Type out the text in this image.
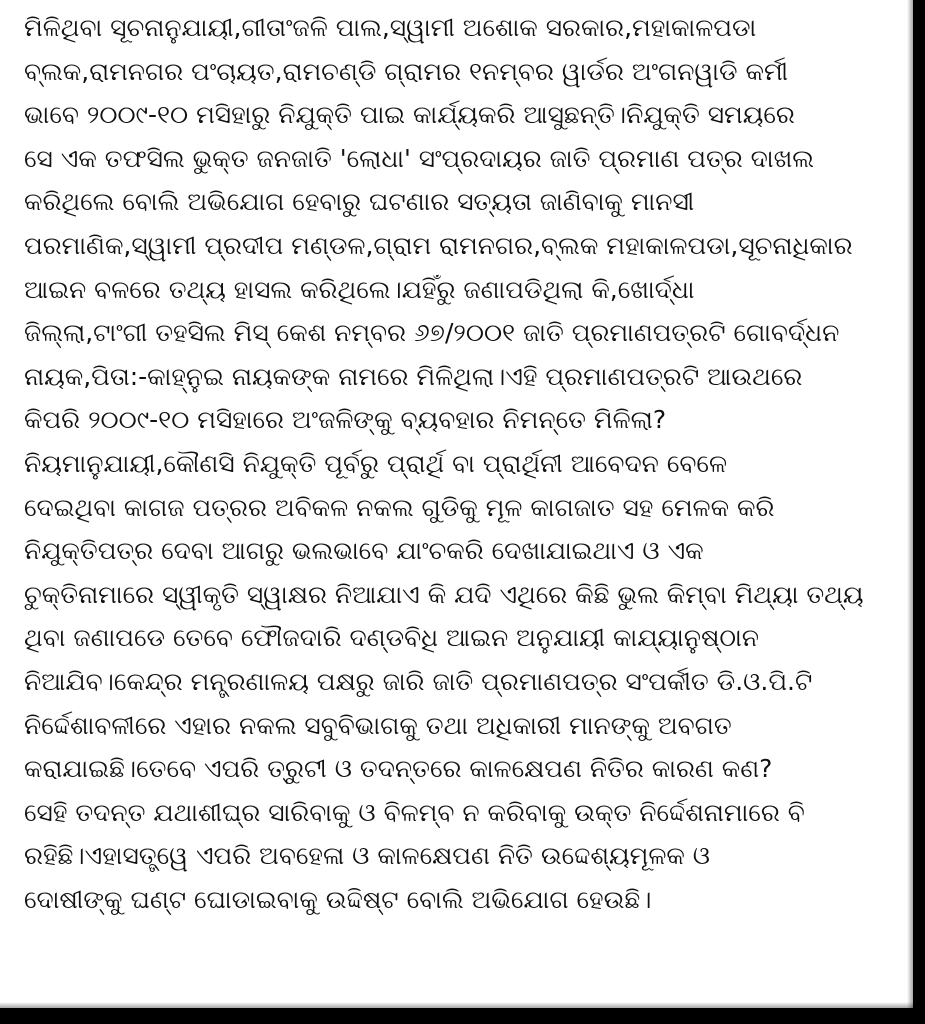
ମିଳିଥିବା ସୂଚନାନୁଯାୟୀ,ଗୀତାଂଜଳି ପାଲ,ସ୍ୱାମୀ ଅଶୋକ ସରକାର,ମହାକାଳପଡା
ବ୍ଲକ,ରାମନଗର ପଂଚାୟତ,ରାମଚଣ୍ଡି ଗ୍ରାମର ୧ନମ୍ବର ୱାର୍ଡର ଅଂଗନୱାଡି କର୍ମୀ
ଭାବେ ୨୦୦୯-୧୦ ମସିହାରୁ ନିଯୁକ୍ତି ପାଇ କାର୍ଯ୍ୟକରି ଆସୁଛନ୍ତି।ନିଯୁକ୍ତି ସମୟରେ
ସେ ଏକ ତଫସିଲ ଭୁକ୍ତ ଜନଜାତି 'ଲୋଧା' ସଂପ୍ରଦାୟର ଜାତି ପ୍ରମାଣ ପତ୍ର ଦାଖଲ
କରିଥିଲେ ବୋଲି ଅଭିଯୋଗ ହେବାରୁ ଘଟଣାର ସତ୍ୟତା ଜାଣିବାକୁ ମାନସୀ
ପରମାଣିକ,ସ୍ୱାମୀ ପ୍ରଦୀପ ମଣ୍ଡଳ,ଗ୍ରାମ ରାମନଗର,ବ୍ଲକ ମହାକାଳପଡା,ସୂଚନାଧିକାର
ଆଇନ ବଳରେ ତଥ୍ୟ ହାସଲ କରିଥିଲେ।ଯହିଁରୁ ଜଣାପଡିଥିଲା କି,ଖୋର୍ଦ୍ଧା
ଜିଲ୍ଲା,ଟାଂଗୀ ତହସିଲ ମିସ୍ କେଶ ନମ୍ବର ୬୭/୨୦୦୧ ଜାତି ପ୍ରମାଣପତ୍ରଟି ଗୋବର୍ଦ୍ଧନ
ନାୟକ,ପିତା:-କାହ୍ନୁଇ ନାୟକଙ୍କ ନାମରେ ମିଳିଥିଲା।ଏହି ପ୍ରମାଣପତ୍ରଟି ଆଉଥରେ
କିପରି ୨୦୦୯-୧୦ ମସିହାରେ ଅଂଜଳିଙ୍କୁ ବ୍ୟବହାର ନିମନ୍ତେ ମିଳିଲା?
ନିୟମାନୁଯାୟୀ,କୌଣସି ନିଯୁକ୍ତି ପୂର୍ବରୁ ପ୍ରାର୍ଥି ବା ପ୍ରାର୍ଥିନୀ ଆବେଦନ ବେଳେ
ଦେଇଥିବା କାଗଜ ପତ୍ରର ଅବିକଳ ନକଲ ଗୁଡିକୁ ମୂଳ କାଗଜାତ ସହ ମେଳକ କରି
ନିଯୁକ୍ତିପତ୍ର ଦେବା ଆଗରୁ ଭଲଭାବେ ଯାଂଚକରି ଦେଖାଯାଇଥାଏ ଓ ଏକ
ଚୁକ୍ତିନାମାରେ ସ୍ୱୀକୃତି ସ୍ୱାକ୍ଷର ନିଆଯାଏ କି ଯଦି ଏଥିରେ କିଛି ଭୁଲ କିମ୍ବା ମିଥ୍ୟା ତଥ୍ୟ
ଥିବା ଜଣାପଡେ ତେବେ ଫୌଜଦାରି ଦଣ୍ଡବିଧି ଆଇନ ଅନୁଯାୟୀ କାଯ୍ୟାନୁଷ୍ଠାନ
ନିଆଯିବ।କେନ୍ଦ୍ର ମନ୍ତ୍ରଣାଳୟ ପକ୍ଷରୁ ଜାରି ଜାତି ପ୍ରମାଣପତ୍ର ସଂପର୍କୀତ ଡି.ଓ.ପି.ଟି
ନିର୍ଦ୍ଦେଶାବଳୀରେ ଏହାର ନକଲ ସବୁବିଭାଗକୁ ତଥା ଅଧିକାରୀ ମାନଙ୍କୁ ଅବଗତ
କରାଯାଇଛି।ତେବେ ଏପରି ତ୍ରୁଟୀ ଓ ତଦନ୍ତରେ କାଳକ୍ଷେପଣ ନିତିର କାରଣ କଣ?
ସେହି ତଦନ୍ତ ଯଥାଶୀଘ୍ର ସାରିବାକୁ ଓ ବିଳମ୍ବ ନ କରିବାକୁ ଉକ୍ତ ନିର୍ଦ୍ଦେଶନାମାରେ ବି
ରହିଛି।ଏହାସତ୍ତ୍ୱେ ଏପରି ଅବହେଳା ଓ କାଳକ୍ଷେପଣ ନିତି ଉଦ୍ଦେଶ୍ୟମୂଳକ ଓ
ଦୋଷୀଙ୍କୁ ଘଣ୍ଟ ଘୋଡାଇବାକୁ ଉଦ୍ଦିଷ୍ଟ ବୋଲି ଅଭିଯୋଗ ହେଉଛି।
